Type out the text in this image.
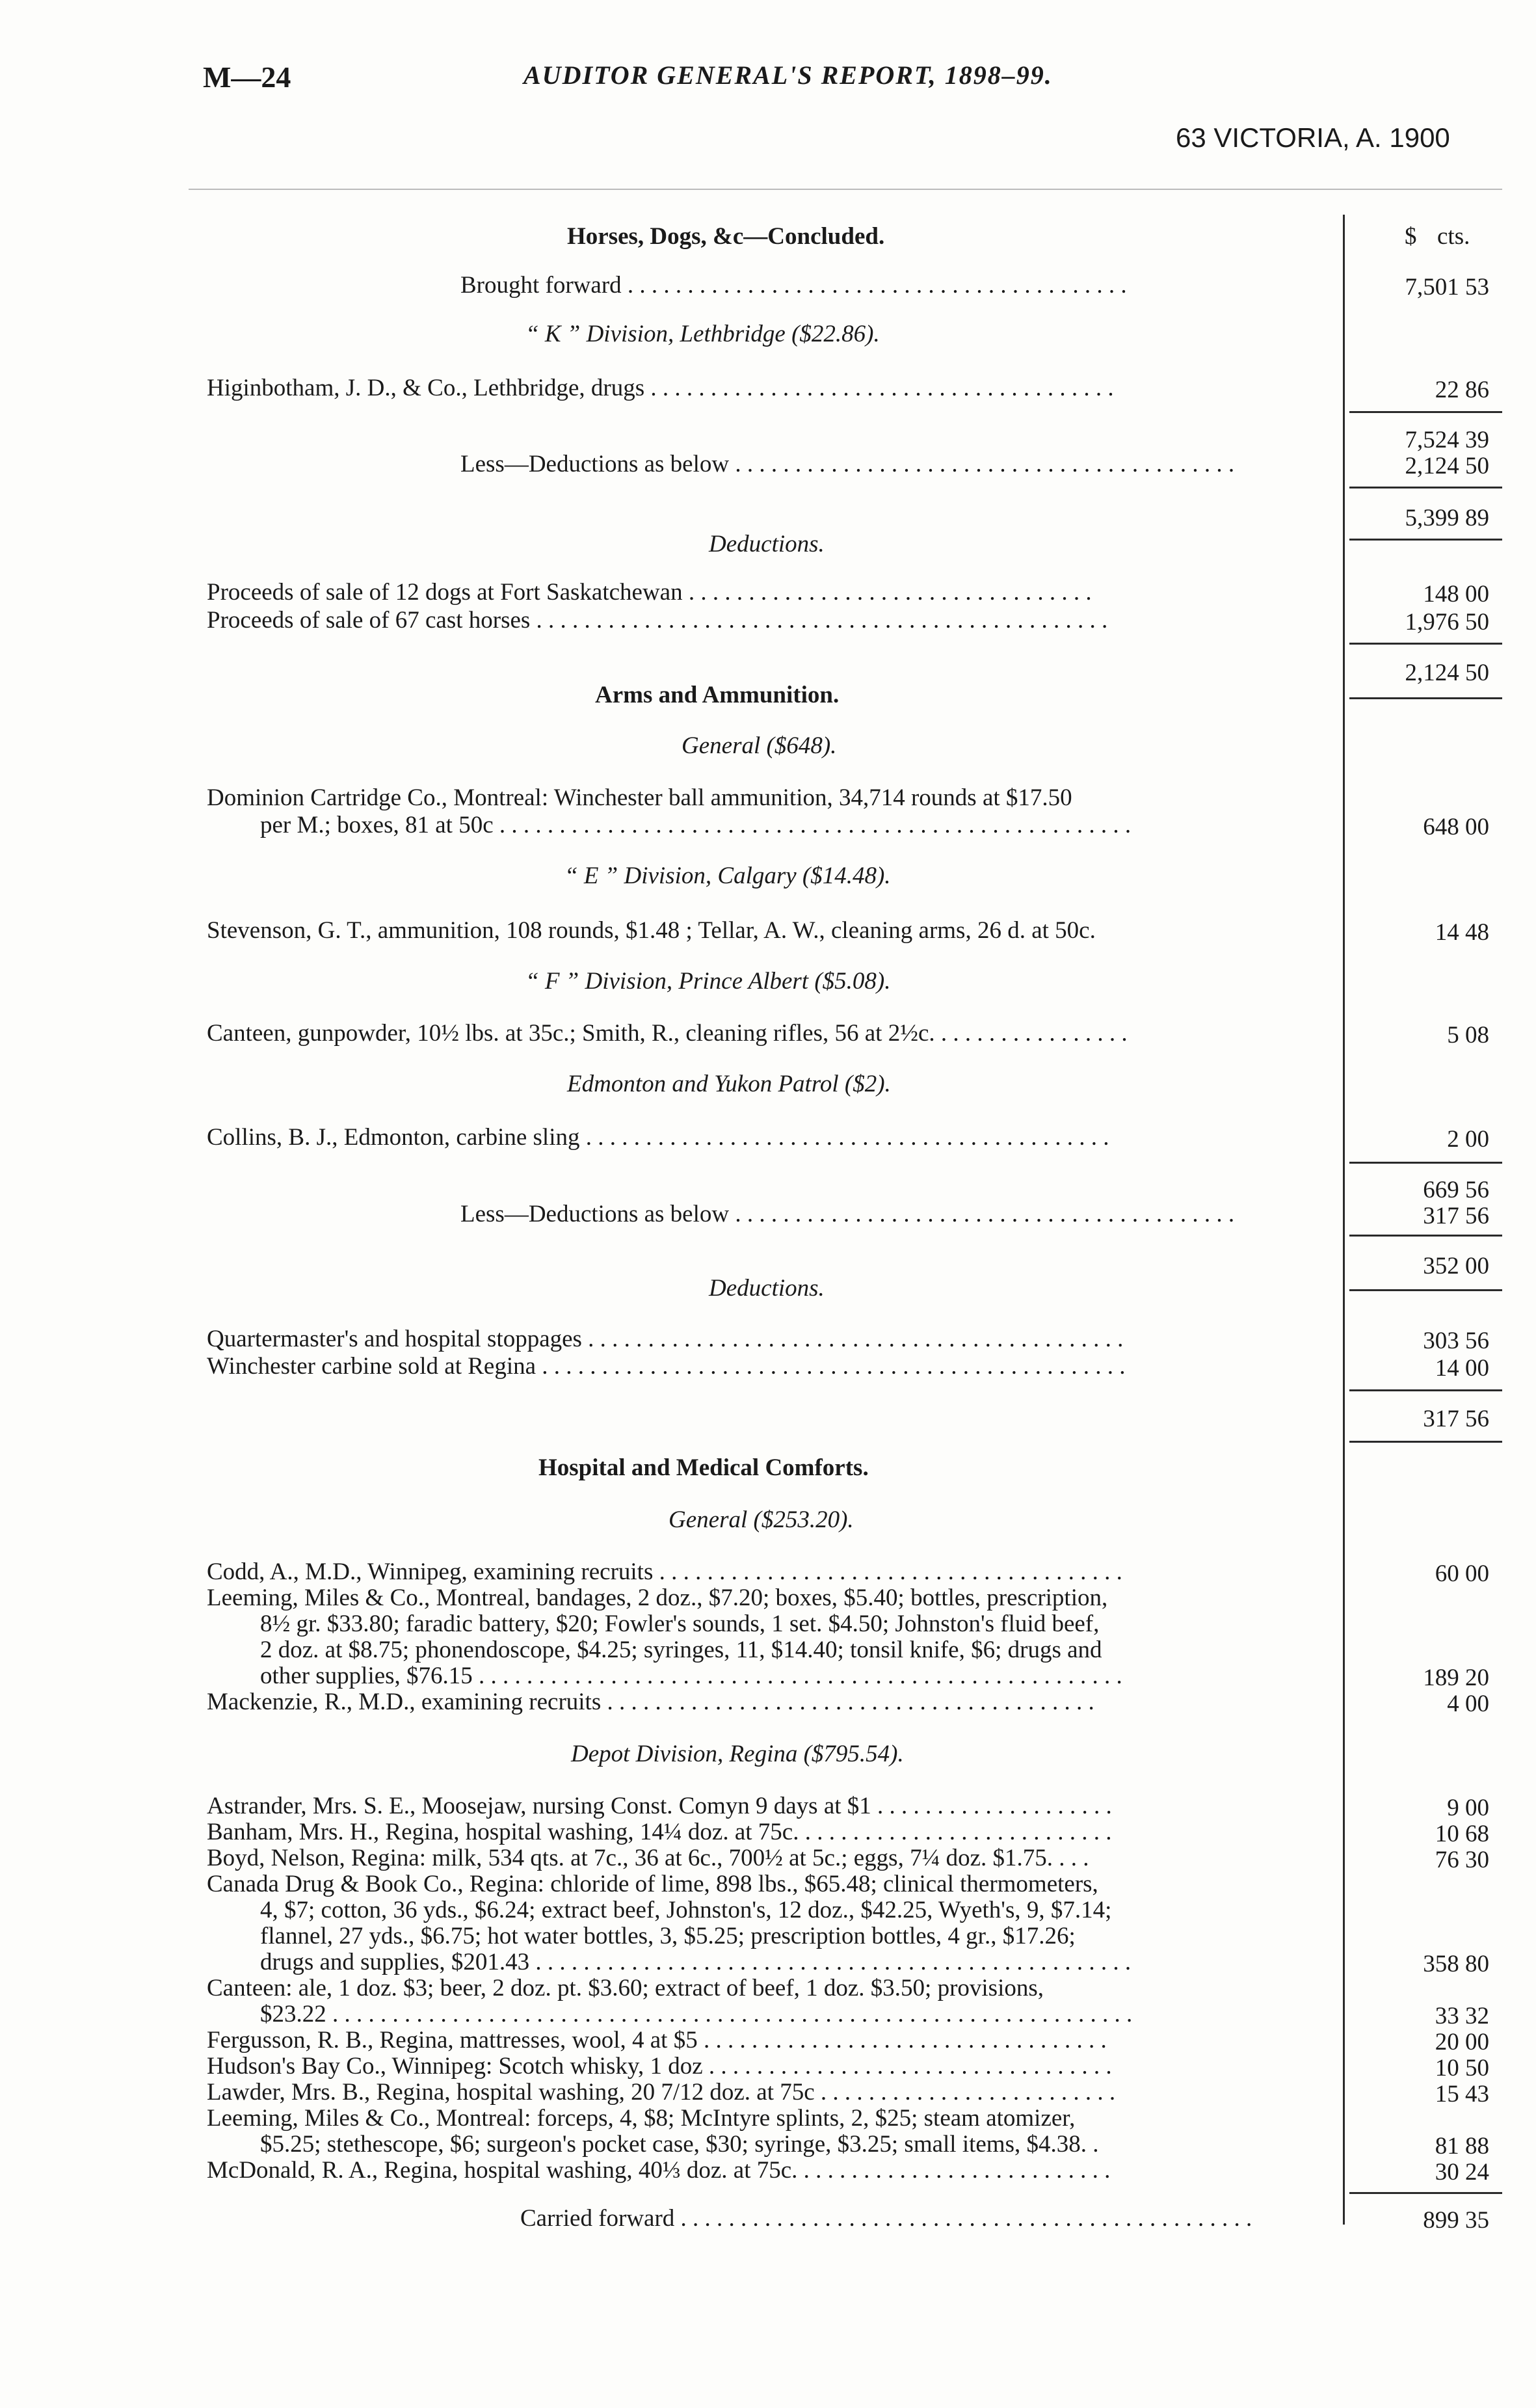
M—24	AUDITOR GENERAL'S REPORT, 1898–99.
63 VICTORIA, A. 1900
$ cts.
Horses, Dogs, &c—Concluded.
Brought forward . . . . . . . . . . . . . . . . . . . . . . . . . . . . . . . . . . . . . . . . . .	7,501 53
“ K ” Division, Lethbridge ($22.86).
Higinbotham, J. D., & Co., Lethbridge, drugs . . . . . . . . . . . . . . . . . . . . . . . . . . . . . . . . . . . . . . .	22 86
7,524 39
Less—Deductions as below . . . . . . . . . . . . . . . . . . . . . . . . . . . . . . . . . . . . . . . . . .	2,124 50
5,399 89
Deductions.
Proceeds of sale of 12 dogs at Fort Saskatchewan . . . . . . . . . . . . . . . . . . . . . . . . . . . . . . . . . .	148 00
Proceeds of sale of 67 cast horses . . . . . . . . . . . . . . . . . . . . . . . . . . . . . . . . . . . . . . . . . . . . . . . .	1,976 50
2,124 50
Arms and Ammunition.
General ($648).
Dominion Cartridge Co., Montreal: Winchester ball ammunition, 34,714 rounds at $17.50
per M.; boxes, 81 at 50c . . . . . . . . . . . . . . . . . . . . . . . . . . . . . . . . . . . . . . . . . . . . . . . . . . . . .	648 00
“ E ” Division, Calgary ($14.48).
Stevenson, G. T., ammunition, 108 rounds, $1.48 ; Tellar, A. W., cleaning arms, 26 d. at 50c.	14 48
“ F ” Division, Prince Albert ($5.08).
Canteen, gunpowder, 10½ lbs. at 35c.; Smith, R., cleaning rifles, 56 at 2½c. . . . . . . . . . . . . . . . .	5 08
Edmonton and Yukon Patrol ($2).
Collins, B. J., Edmonton, carbine sling . . . . . . . . . . . . . . . . . . . . . . . . . . . . . . . . . . . . . . . . . . . .	2 00
669 56
Less—Deductions as below . . . . . . . . . . . . . . . . . . . . . . . . . . . . . . . . . . . . . . . . . .	317 56
352 00
Deductions.
Quartermaster's and hospital stoppages . . . . . . . . . . . . . . . . . . . . . . . . . . . . . . . . . . . . . . . . . . . . .	303 56
Winchester carbine sold at Regina . . . . . . . . . . . . . . . . . . . . . . . . . . . . . . . . . . . . . . . . . . . . . . . . .	14 00
317 56
Hospital and Medical Comforts.
General ($253.20).
Codd, A., M.D., Winnipeg, examining recruits . . . . . . . . . . . . . . . . . . . . . . . . . . . . . . . . . . . . . . .	60 00
Leeming, Miles & Co., Montreal, bandages, 2 doz., $7.20; boxes, $5.40; bottles, prescription,
8½ gr. $33.80; faradic battery, $20; Fowler's sounds, 1 set. $4.50; Johnston's fluid beef,
2 doz. at $8.75; phonendoscope, $4.25; syringes, 11, $14.40; tonsil knife, $6; drugs and
other supplies, $76.15 . . . . . . . . . . . . . . . . . . . . . . . . . . . . . . . . . . . . . . . . . . . . . . . . . . . . . .	189 20
Mackenzie, R., M.D., examining recruits . . . . . . . . . . . . . . . . . . . . . . . . . . . . . . . . . . . . . . . . .	4 00
Depot Division, Regina ($795.54).
Astrander, Mrs. S. E., Moosejaw, nursing Const. Comyn 9 days at $1 . . . . . . . . . . . . . . . . . . . .	9 00
Banham, Mrs. H., Regina, hospital washing, 14¼ doz. at 75c. . . . . . . . . . . . . . . . . . . . . . . . . . .	10 68
Boyd, Nelson, Regina: milk, 534 qts. at 7c., 36 at 6c., 700½ at 5c.; eggs, 7¼ doz. $1.75. . . .	76 30
Canada Drug & Book Co., Regina: chloride of lime, 898 lbs., $65.48; clinical thermometers,
4, $7; cotton, 36 yds., $6.24; extract beef, Johnston's, 12 doz., $42.25, Wyeth's, 9, $7.14;
flannel, 27 yds., $6.75; hot water bottles, 3, $5.25; prescription bottles, 4 gr., $17.26;
drugs and supplies, $201.43 . . . . . . . . . . . . . . . . . . . . . . . . . . . . . . . . . . . . . . . . . . . . . . . . . .	358 80
Canteen: ale, 1 doz. $3; beer, 2 doz. pt. $3.60; extract of beef, 1 doz. $3.50; provisions,
$23.22 . . . . . . . . . . . . . . . . . . . . . . . . . . . . . . . . . . . . . . . . . . . . . . . . . . . . . . . . . . . . . . . . . . .	33 32
Fergusson, R. B., Regina, mattresses, wool, 4 at $5 . . . . . . . . . . . . . . . . . . . . . . . . . . . . . . . . . .	20 00
Hudson's Bay Co., Winnipeg: Scotch whisky, 1 doz . . . . . . . . . . . . . . . . . . . . . . . . . . . . . . . . . .	10 50
Lawder, Mrs. B., Regina, hospital washing, 20 7/12 doz. at 75c . . . . . . . . . . . . . . . . . . . . . . . . .	15 43
Leeming, Miles & Co., Montreal: forceps, 4, $8; McIntyre splints, 2, $25; steam atomizer,
$5.25; stethescope, $6; surgeon's pocket case, $30; syringe, $3.25; small items, $4.38. .	81 88
McDonald, R. A., Regina, hospital washing, 40⅓ doz. at 75c. . . . . . . . . . . . . . . . . . . . . . . . . . .	30 24
Carried forward . . . . . . . . . . . . . . . . . . . . . . . . . . . . . . . . . . . . . . . . . . . . . . . .	899 35
